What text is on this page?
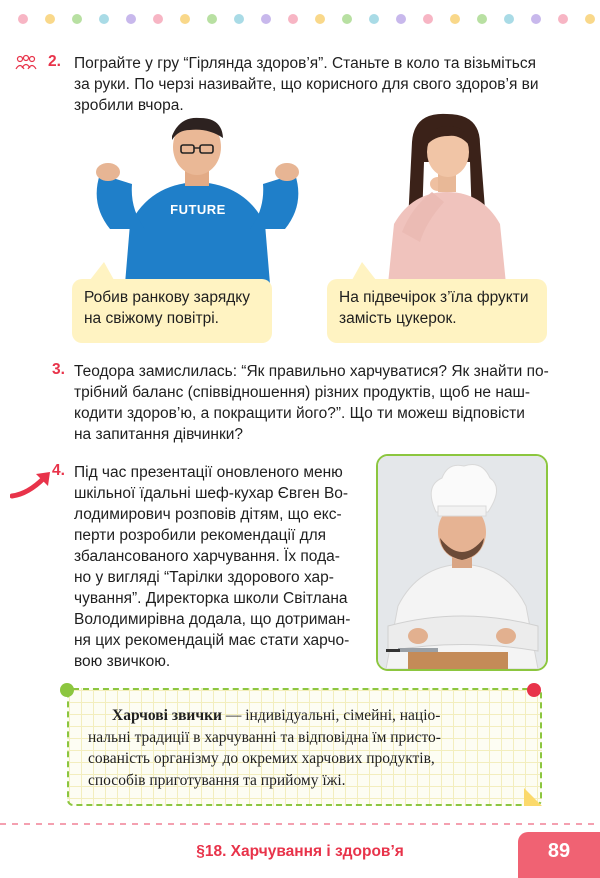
2. Пограйте у гру “Гірлянда здоров’я”. Станьте в коло та візьміться
за руки. По черзі називайте, що корисного для свого здоров’я ви
зробили вчора.
FUTURE
Робив ранкову зарядку
на свіжому повітрі.
На підвечірок з’їла фрукти
замість цукерок.
3. Теодора замислилась: “Як правильно харчуватися? Як знайти по-
трібний баланс (співвідношення) різних продуктів, щоб не наш-
кодити здоров’ю, а покращити його?”. Що ти можеш відповісти
на запитання дівчинки?
4. Під час презентації оновленого меню
шкільної їдальні шеф-кухар Євген Во-
лодимирович розповів дітям, що екс-
перти розробили рекомендації для
збалансованого харчування. Їх пода-
но у вигляді “Тарілки здорового хар-
чування”. Директорка школи Світлана
Володимирівна додала, що дотриман-
ня цих рекомендацій має стати харчо-
вою звичкою.
Харчові звички — індивідуальні, сімейні, націо-
нальні традиції в харчуванні та відповідна їм присто-
сованість організму до окремих харчових продуктів,
способів приготування та прийому їжі.
§18. Харчування і здоров’я	89
